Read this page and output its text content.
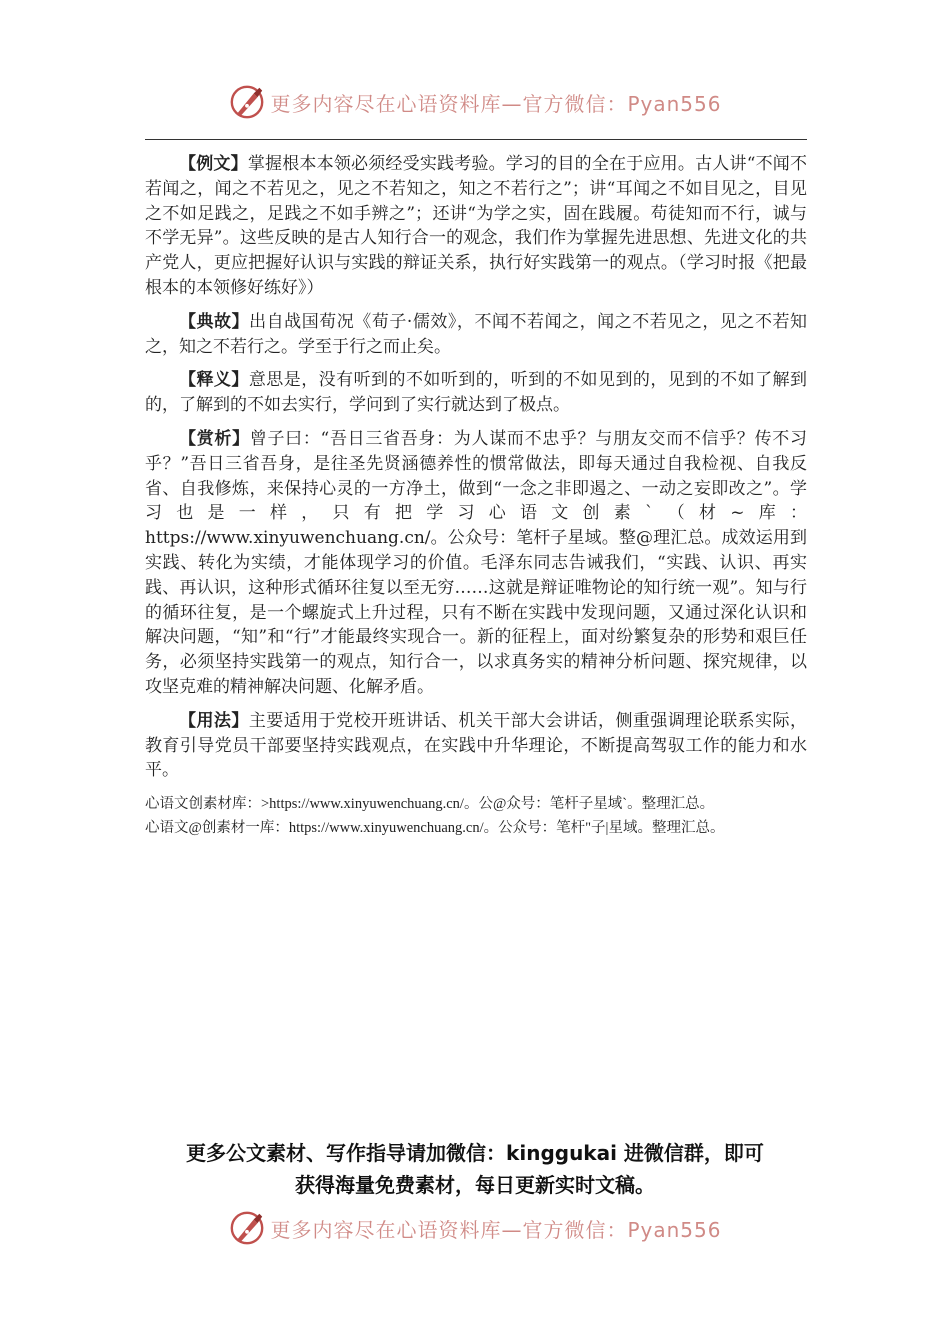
更多内容尽在心语资料库—官方微信：Pyan556

【例文】掌握根本本领必须经受实践考验。学习的目的全在于应用。古人讲“不闻不若闻之，闻之不若见之，见之不若知之，知之不若行之”；讲“耳闻之不如目见之，目见之不如足践之，足践之不如手辨之”；还讲“为学之实，固在践履。苟徒知而不行，诚与不学无异”。这些反映的是古人知行合一的观念，我们作为掌握先进思想、先进文化的共产党人，更应把握好认识与实践的辩证关系，执行好实践第一的观点。（学习时报《把最根本的本领修好练好》）

【典故】出自战国荀况《荀子·儒效》，不闻不若闻之，闻之不若见之，见之不若知之，知之不若行之。学至于行之而止矣。

【释义】意思是，没有听到的不如听到的，听到的不如见到的，见到的不如了解到的，了解到的不如去实行，学问到了实行就达到了极点。

【赏析】曾子曰：“吾日三省吾身：为人谋而不忠乎？与朋友交而不信乎？传不习乎？”吾日三省吾身，是往圣先贤涵德养性的惯常做法，即每天通过自我检视、自我反省、自我修炼，来保持心灵的一方净土，做到“一念之非即遏之、一动之妄即改之”。学习也是一样，只有把学习心语文创素`（材~库：https://www.xinyuwenchuang.cn/。公众号：笔杆子星域。整@理汇总。成效运用到实践、转化为实绩，才能体现学习的价值。毛泽东同志告诫我们，“实践、认识、再实践、再认识，这种形式循环往复以至无穷……这就是辩证唯物论的知行统一观”。知与行的循环往复，是一个螺旋式上升过程，只有不断在实践中发现问题，又通过深化认识和解决问题，“知”和“行”才能最终实现合一。新的征程上，面对纷繁复杂的形势和艰巨任务，必须坚持实践第一的观点，知行合一，以求真务实的精神分析问题、探究规律，以攻坚克难的精神解决问题、化解矛盾。

【用法】主要适用于党校开班讲话、机关干部大会讲话，侧重强调理论联系实际，教育引导党员干部要坚持实践观点，在实践中升华理论，不断提高驾驭工作的能力和水平。

心语文创素材库：>https://www.xinyuwenchuang.cn/。公@众号：笔杆子星域`。整理汇总。
心语文@创素材一库：https://www.xinyuwenchuang.cn/。公众号：笔杆"子|星域。整理汇总。
更多公文素材、写作指导请加微信：kinggukai 进微信群，即可
获得海量免费素材，每日更新实时文稿。
更多内容尽在心语资料库—官方微信：Pyan556
